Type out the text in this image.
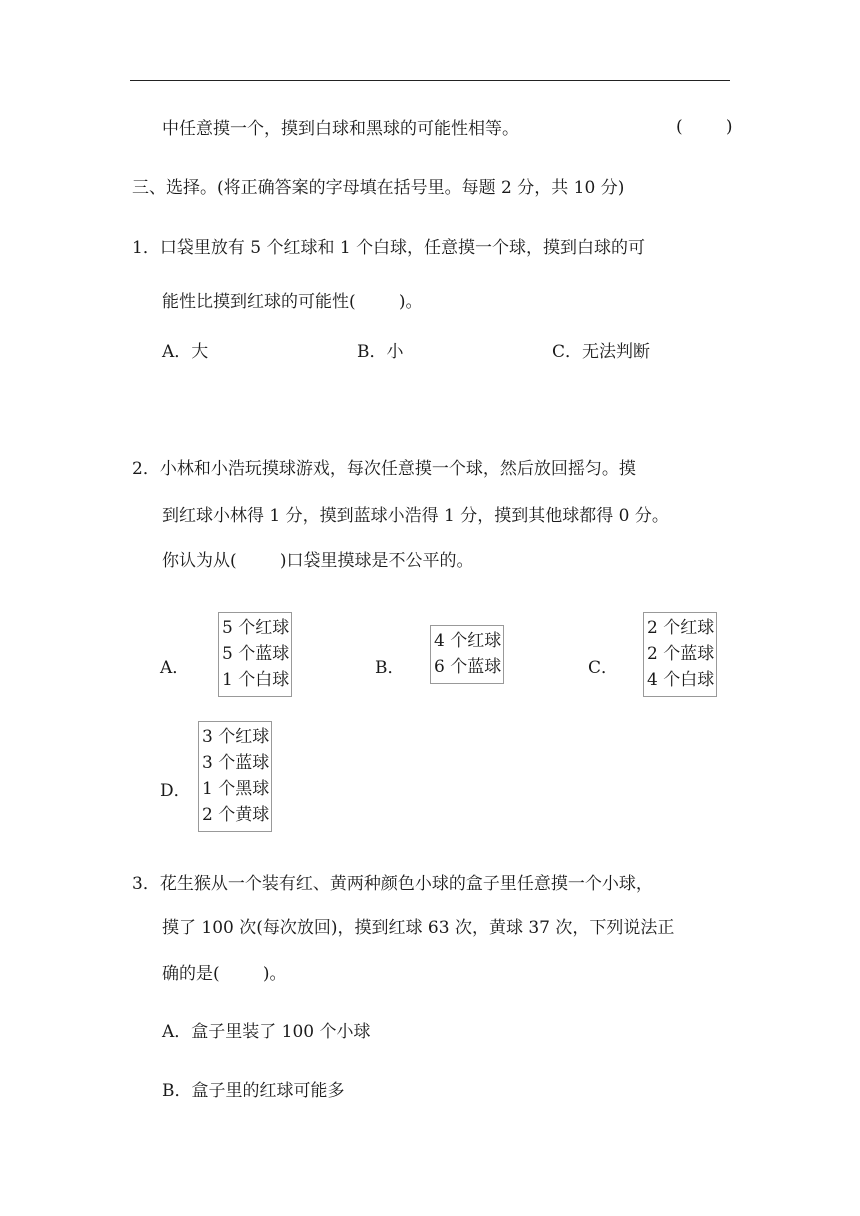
中任意摸一个，摸到白球和黑球的可能性相等。	(        )
三、选择。(将正确答案的字母填在括号里。每题 2 分，共 10 分)
1．口袋里放有 5 个红球和 1 个白球，任意摸一个球，摸到白球的可
能性比摸到红球的可能性(        )。
A．大	B．小	C．无法判断
2．小林和小浩玩摸球游戏，每次任意摸一个球，然后放回摇匀。摸
到红球小林得 1 分，摸到蓝球小浩得 1 分，摸到其他球都得 0 分。
你认为从(        )口袋里摸球是不公平的。
A．
5 个红球
5 个蓝球
1 个白球
B．
4 个红球
6 个蓝球	C．
2 个红球
2 个蓝球
4 个白球
D．
3 个红球
3 个蓝球
1 个黑球
2 个黄球
3．花生猴从一个装有红、黄两种颜色小球的盒子里任意摸一个小球，
摸了 100 次(每次放回)，摸到红球 63 次，黄球 37 次，下列说法正
确的是(        )。
A．盒子里装了 100 个小球
B．盒子里的红球可能多
